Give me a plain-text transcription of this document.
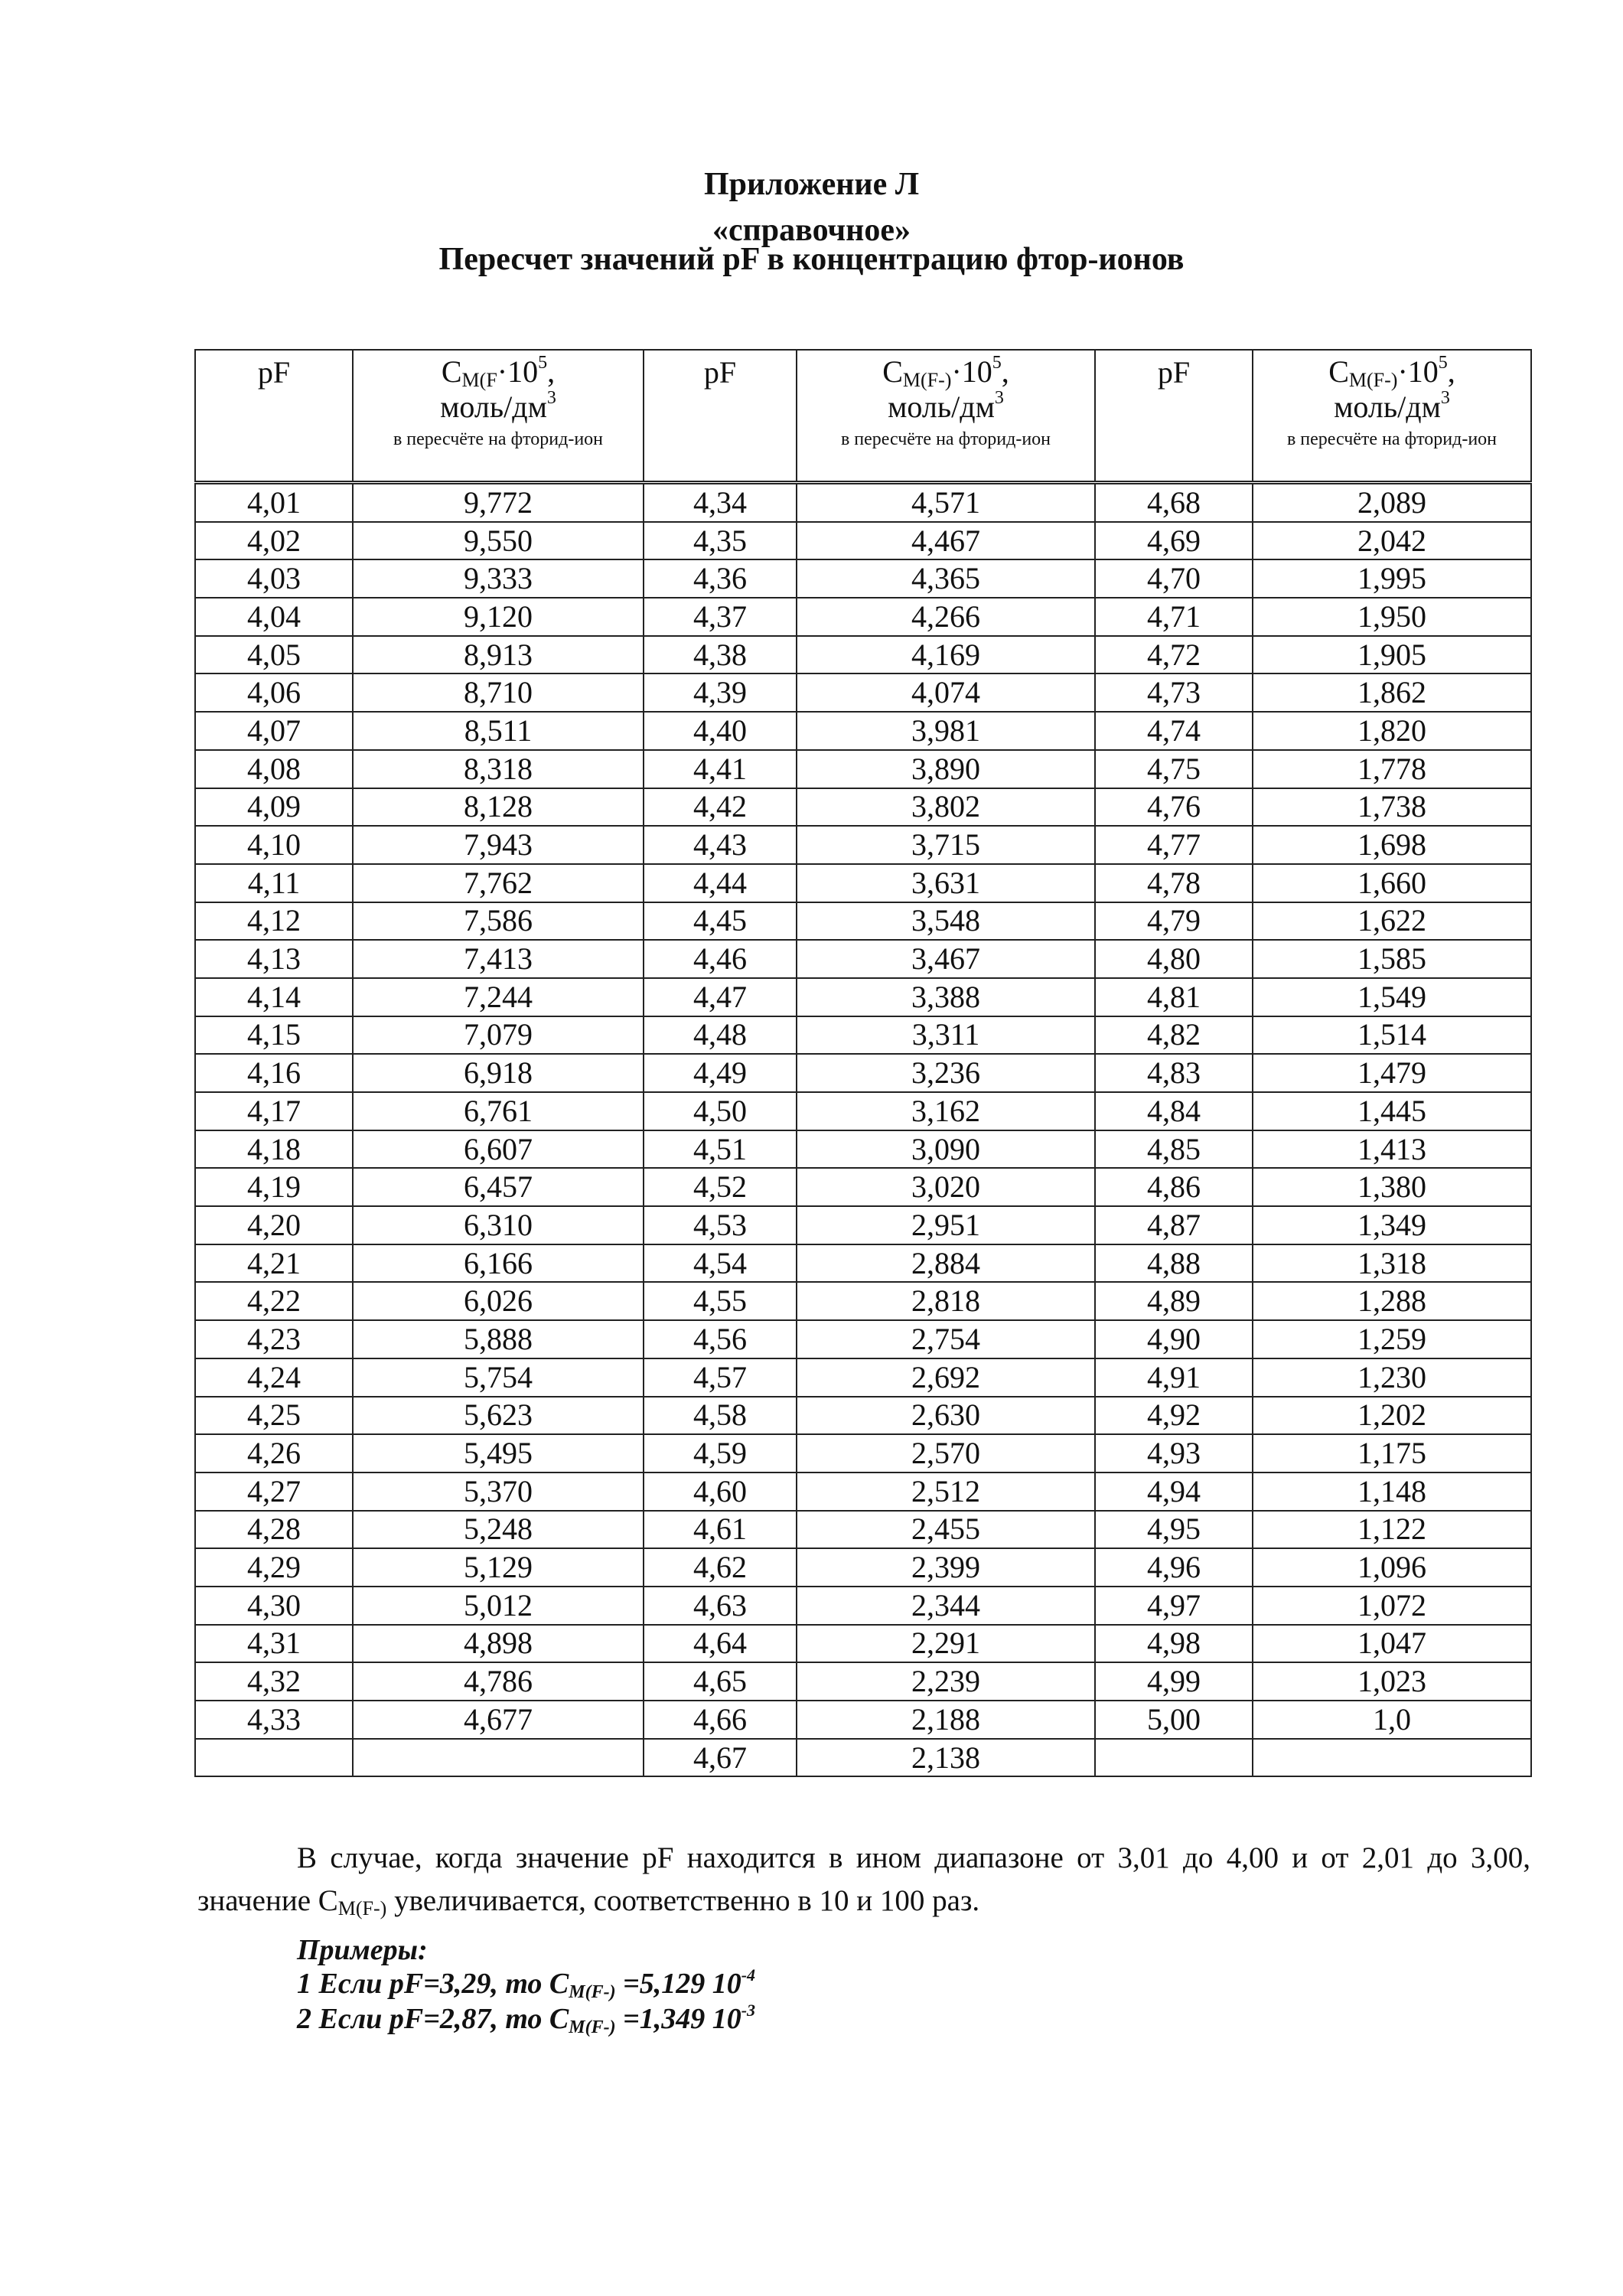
Приложение Л
«справочное»
Пересчет значений pF в концентрацию фтор-ионов
pF	$C_{M(F}\cdot 10^5$,
моль/$дм^3$
в пересчёте на фторид-ион	pF	$C_{M(F-)}\cdot 10^5$,
моль/$дм^3$
в пересчёте на фторид-ион	pF	$C_{M(F-)}\cdot 10^5$,
моль/$дм^3$
в пересчёте на фторид-ион

4,01	9,772	4,34	4,571	4,68	2,089
4,02	9,550	4,35	4,467	4,69	2,042
4,03	9,333	4,36	4,365	4,70	1,995
4,04	9,120	4,37	4,266	4,71	1,950
4,05	8,913	4,38	4,169	4,72	1,905
4,06	8,710	4,39	4,074	4,73	1,862
4,07	8,511	4,40	3,981	4,74	1,820
4,08	8,318	4,41	3,890	4,75	1,778
4,09	8,128	4,42	3,802	4,76	1,738
4,10	7,943	4,43	3,715	4,77	1,698
4,11	7,762	4,44	3,631	4,78	1,660
4,12	7,586	4,45	3,548	4,79	1,622
4,13	7,413	4,46	3,467	4,80	1,585
4,14	7,244	4,47	3,388	4,81	1,549
4,15	7,079	4,48	3,311	4,82	1,514
4,16	6,918	4,49	3,236	4,83	1,479
4,17	6,761	4,50	3,162	4,84	1,445
4,18	6,607	4,51	3,090	4,85	1,413
4,19	6,457	4,52	3,020	4,86	1,380
4,20	6,310	4,53	2,951	4,87	1,349
4,21	6,166	4,54	2,884	4,88	1,318
4,22	6,026	4,55	2,818	4,89	1,288
4,23	5,888	4,56	2,754	4,90	1,259
4,24	5,754	4,57	2,692	4,91	1,230
4,25	5,623	4,58	2,630	4,92	1,202
4,26	5,495	4,59	2,570	4,93	1,175
4,27	5,370	4,60	2,512	4,94	1,148
4,28	5,248	4,61	2,455	4,95	1,122
4,29	5,129	4,62	2,399	4,96	1,096
4,30	5,012	4,63	2,344	4,97	1,072
4,31	4,898	4,64	2,291	4,98	1,047
4,32	4,786	4,65	2,239	4,99	1,023
4,33	4,677	4,66	2,188	5,00	1,0
		4,67	2,138		
В случае, когда значение pF находится в ином диапазоне от 3,01 до 4,00 и от 2,01 до 3,00, значение $C_{M(F-)}$ увеличивается, соответственно в 10 и 100 раз.
Примеры:
1 Если pF=3,29, то $C_{M(F-)} =5,129$ $10^{-4}$
2 Если pF=2,87, то $C_{M(F-)} =1,349$ $10^{-3}$
